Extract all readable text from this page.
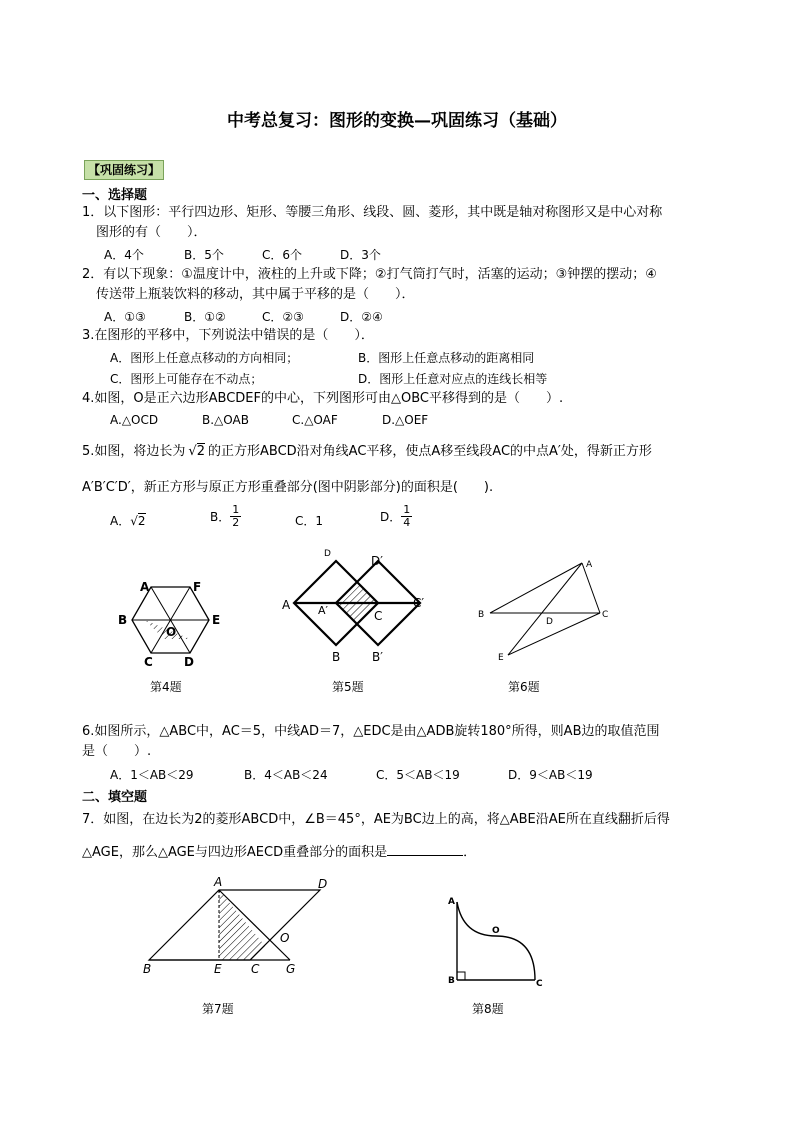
中考总复习：图形的变换—巩固练习（基础）
【巩固练习】
一、选择题
1．以下图形：平行四边形、矩形、等腰三角形、线段、圆、菱形，其中既是轴对称图形又是中心对称
图形的有（　　）．
A．4个	B．5个	C．6个	D．3个
2．有以下现象：①温度计中，液柱的上升或下降；②打气筒打气时，活塞的运动；③钟摆的摆动；④
传送带上瓶装饮料的移动，其中属于平移的是（　　）．
A．①③	B．①②	C．②③	D．②④
3.在图形的平移中，下列说法中错误的是（　　）．
A．图形上任意点移动的方向相同；	B．图形上任意点移动的距离相同
C．图形上可能存在不动点；	D．图形上任意对应点的连线长相等
4.如图，O是正六边形ABCDEF的中心，下列图形可由△OBC平移得到的是（　　）.
A.△OCD	B.△OAB	C.△OAF	D.△OEF
5.如图，将边长为 √2 的正方形ABCD沿对角线AC平移，使点A移至线段AC的中点A′处，得新正方形
A′B′C′D′，新正方形与原正方形重叠部分(图中阴影部分)的面积是(　　).
A．√2	B． $\frac{1}{2}$	C．1	D． $\frac{1}{4}$
A	F
B	E
O
C	D
D	D′
A	A′	C
C′
B	B′
A
B	C
D
E
第4题	第5题	第6题
6.如图所示，△ABC中，AC＝5，中线AD＝7，△EDC是由△ADB旋转180°所得，则AB边的取值范围
是（　　）.
A．1＜AB＜29	B．4＜AB＜24	C．5＜AB＜19	D．9＜AB＜19
二、填空题
7．如图，在边长为2的菱形ABCD中，∠B＝45°，AE为BC边上的高，将△ABE沿AE所在直线翻折后得
△AGE，那么△AGE与四边形AECD重叠部分的面积是	．
A	D
B	E C G
O
A
O
B	C
第7题	第8题
